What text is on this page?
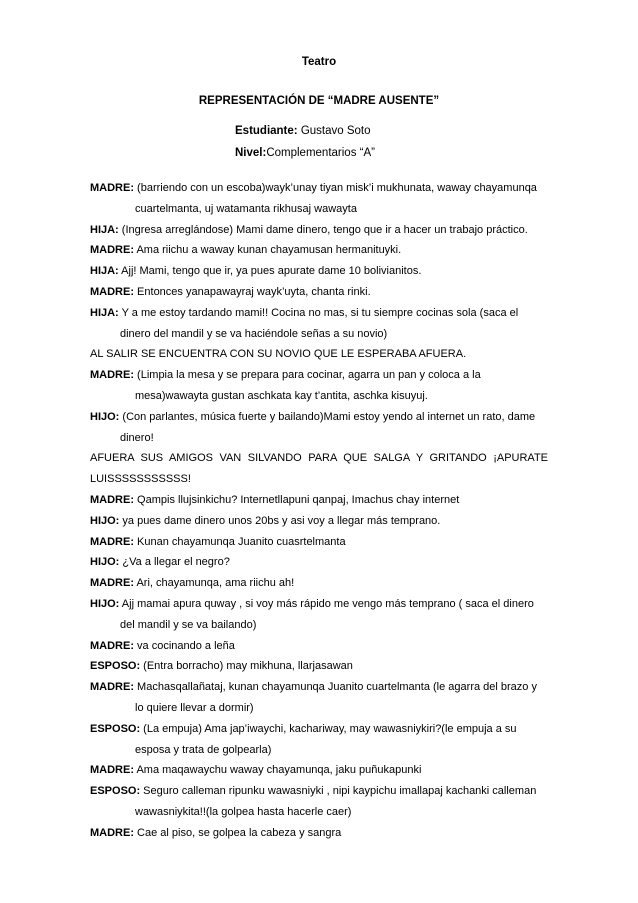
Teatro
REPRESENTACIÓN DE “MADRE AUSENTE”
Estudiante: Gustavo Soto
Nivel:Complementarios “A”

MADRE: (barriendo con un escoba)wayk’unay tiyan misk’i mukhunata, waway chayamunqa cuartelmanta, uj watamanta rikhusaj wawayta

HIJA: (Ingresa arreglándose) Mami dame dinero, tengo que ir a hacer un trabajo práctico.

MADRE: Ama riichu a waway kunan chayamusan hermanituyki.

HIJA: Ajj! Mami, tengo que ir, ya pues apurate dame 10 bolivianitos.

MADRE: Entonces yanapawayraj wayk’uyta, chanta rinki.

HIJA: Y a me estoy tardando mami!! Cocina no mas, si tu siempre cocinas sola (saca el dinero del mandil y se va haciéndole señas a su novio)

AL SALIR SE ENCUENTRA CON SU NOVIO QUE LE ESPERABA AFUERA.

MADRE: (Limpia la mesa y se prepara para cocinar, agarra un pan y coloca a la mesa)wawayta gustan aschkata kay t’antita, aschka kisuyuj.

HIJO: (Con parlantes, música fuerte y bailando)Mami estoy yendo al internet un rato, dame dinero!

AFUERA SUS AMIGOS VAN SILVANDO PARA QUE SALGA Y GRITANDO ¡APURATE LUISSSSSSSSSSS!

MADRE: Qampis llujsinkichu? Internetllapuni qanpaj, Imachus chay internet

HIJO: ya pues dame dinero unos 20bs y asi voy a llegar más temprano.

MADRE: Kunan chayamunqa Juanito cuasrtelmanta

HIJO: ¿Va a llegar el negro?

MADRE: Ari, chayamunqa, ama riichu ah!

HIJO: Ajj mamai apura quway , si voy más rápido me vengo más temprano ( saca el dinero del mandil y se va bailando)

MADRE: va cocinando a leña

ESPOSO: (Entra borracho) may mikhuna, llarjasawan

MADRE: Machasqallañataj, kunan chayamunqa Juanito cuartelmanta (le agarra del brazo y lo quiere llevar a dormir)

ESPOSO: (La empuja) Ama jap’iwaychi, kachariway, may wawasniykiri?(le empuja a su esposa y trata de golpearla)

MADRE: Ama maqawaychu waway chayamunqa, jaku puñukapunki

ESPOSO: Seguro calleman ripunku wawasniyki , nipi kaypichu imallapaj kachanki calleman wawasniykita!!(la golpea hasta hacerle caer)

MADRE: Cae al piso, se golpea la cabeza y sangra
